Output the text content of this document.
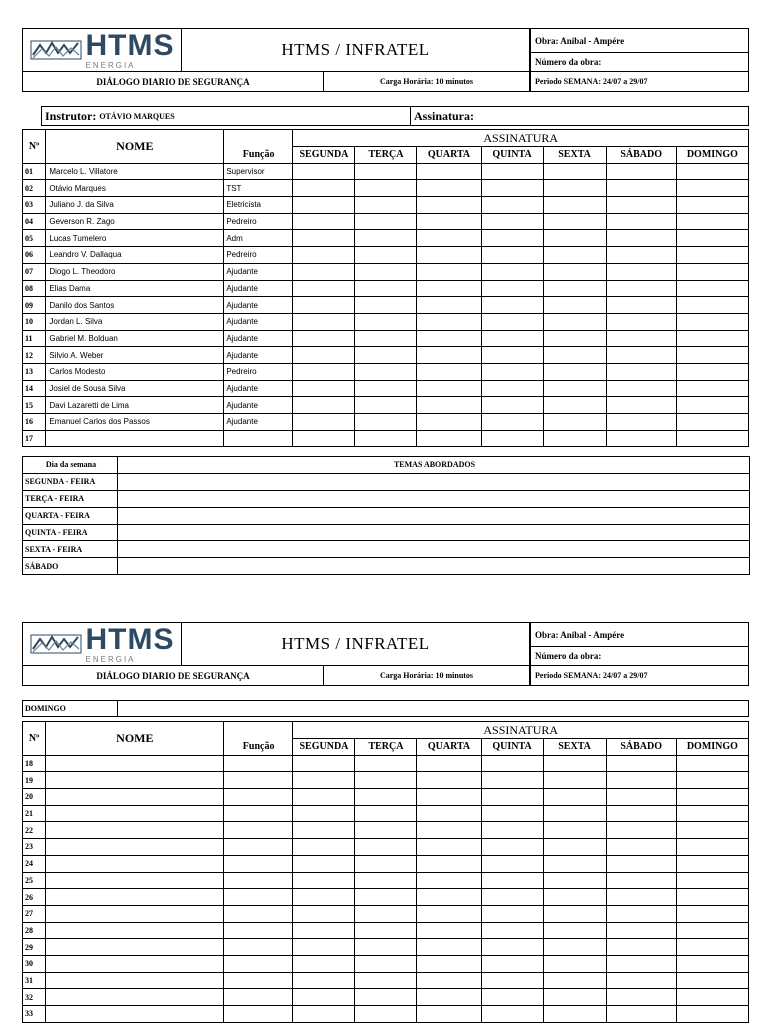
HTMS
ENERGIA
HTMS / INFRATEL	Obra: Anibal - Ampére
Número da obra:
DIÁLOGO DIARIO DE SEGURANÇA	Carga Horária: 10 minutos	Periodo SEMANA: 24/07 a 29/07
Instrutor: OTÁVIO MARQUES	Assinatura:
Nº	NOME		ASSINATURA						
		Função	SEGUNDA	TERÇA	QUARTA	QUINTA	SEXTA	SÁBADO	DOMINGO
01	Marcelo L. Villatore	Supervisor							
02	Otávio Marques	TST							
03	Juliano J. da Silva	Eletricista							
04	Geverson R. Zago	Pedreiro							
05	Lucas Tumelero	Adm							
06	Leandro V. Dallaqua	Pedreiro							
07	Diogo L. Theodoro	Ajudante							
08	Elias Dama	Ajudante							
09	Danilo dos Santos	Ajudante							
10	Jordan L. Silva	Ajudante							
11	Gabriel M. Bolduan	Ajudante							
12	Silvio A. Weber	Ajudante							
13	Carlos Modesto	Pedreiro							
14	Josiel de Sousa Silva	Ajudante							
15	Davi Lazaretti de Lima	Ajudante							
16	Emanuel Carlos dos Passos	Ajudante							
17									
Dia da semana	TEMAS ABORDADOS
SEGUNDA - FEIRA	
TERÇA - FEIRA	
QUARTA - FEIRA	
QUINTA - FEIRA	
SEXTA - FEIRA	
SÁBADO	
HTMS
ENERGIA
HTMS / INFRATEL	Obra: Anibal - Ampére
Número da obra:
DIÁLOGO DIARIO DE SEGURANÇA	Carga Horária: 10 minutos	Periodo SEMANA: 24/07 a 29/07
DOMINGO
Nº	NOME		ASSINATURA						
		Função	SEGUNDA	TERÇA	QUARTA	QUINTA	SEXTA	SÁBADO	DOMINGO
18									
19									
20									
21									
22									
23									
24									
25									
26									
27									
28									
29									
30									
31									
32									
33									
